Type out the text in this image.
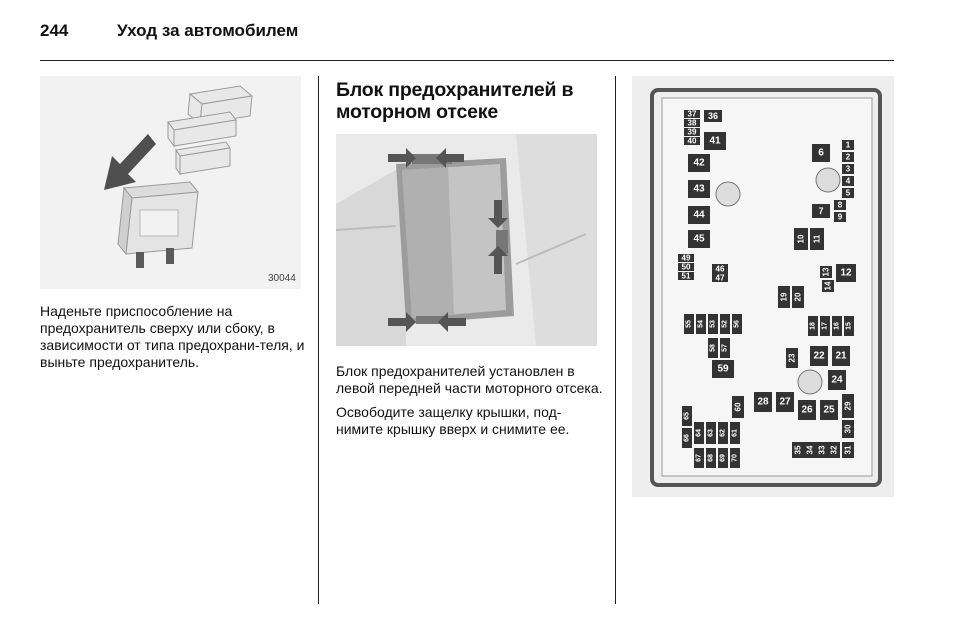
244	Уход за автомобилем
30044

Наденьте приспособление на предохранитель сверху или сбоку, в зависимости от типа предохрани-теля, и выньте предохранитель.

Блок предохранителей в моторном отсеке

Блок предохранителей установлен в левой передней части моторного отсека.

Освободите защелку крышки, под-нимите крышку вверх и снимите ее.

37
38
39
40
36
41
42
43
44
45
49
50
51
46
47
6
1
2
3
4
5
7
8
9
10 11
12
13
14
19 20
15
16
17
18
22 21
23
24
28 27
26 25 29
30
31
32
33
34
35
52
53
54
55	56
57
58
59
60
61
62
63
64
65
66
67 68 69 70
